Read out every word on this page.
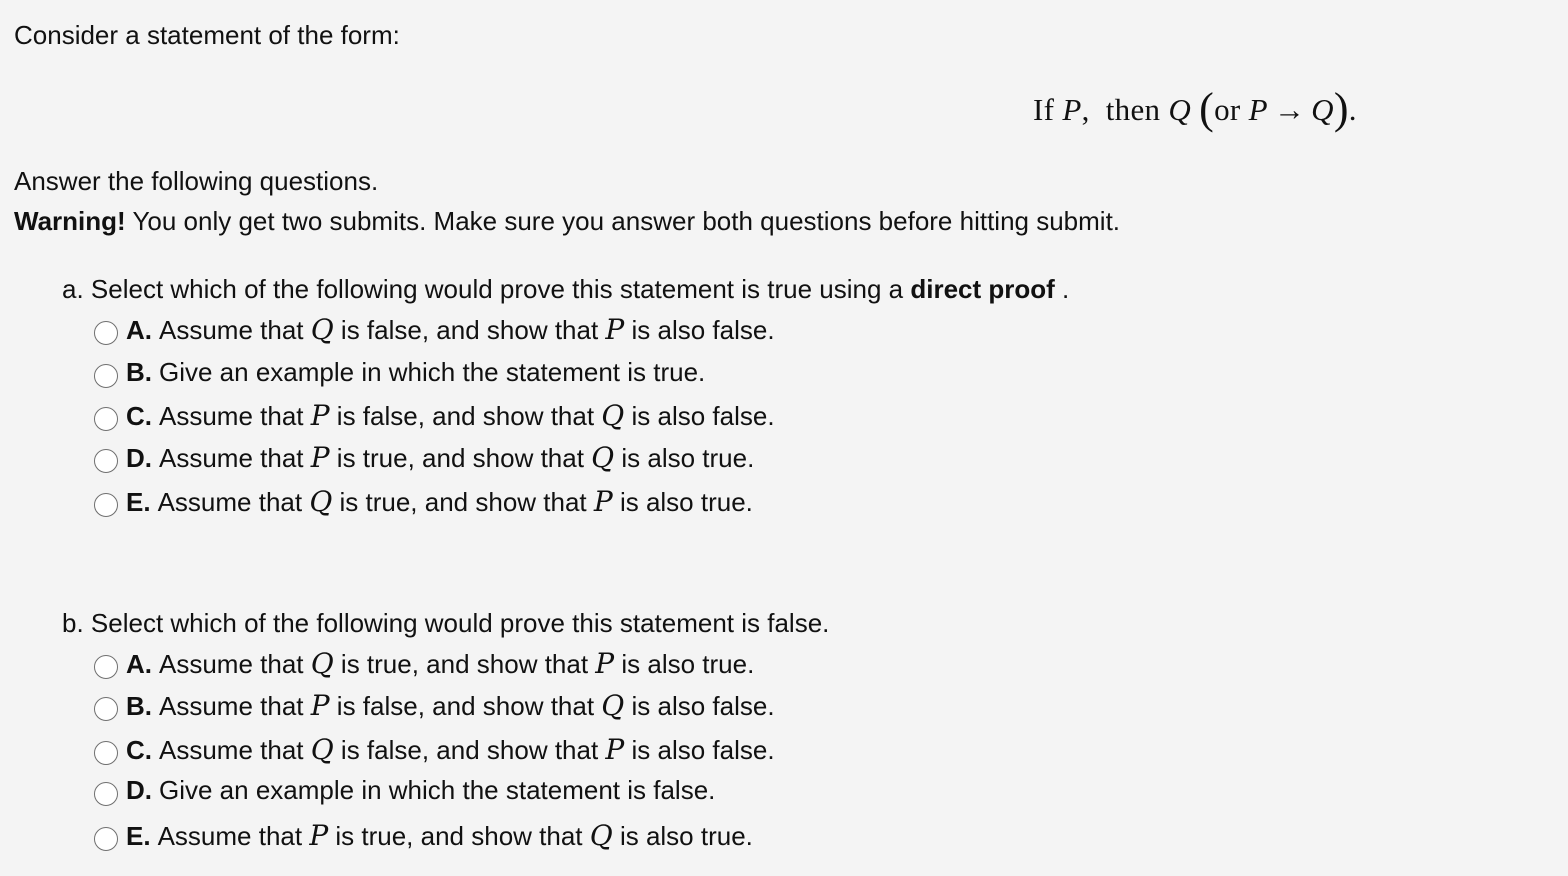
Consider a statement of the form:
If P, then Q (or P → Q).
Answer the following questions.
Warning! You only get two submits. Make sure you answer both questions before hitting submit.
a. Select which of the following would prove this statement is true using a direct proof .
A. Assume that Q is false, and show that P is also false.
B. Give an example in which the statement is true.
C. Assume that P is false, and show that Q is also false.
D. Assume that P is true, and show that Q is also true.
E. Assume that Q is true, and show that P is also true.
b. Select which of the following would prove this statement is false.
A. Assume that Q is true, and show that P is also true.
B. Assume that P is false, and show that Q is also false.
C. Assume that Q is false, and show that P is also false.
D. Give an example in which the statement is false.
E. Assume that P is true, and show that Q is also true.
